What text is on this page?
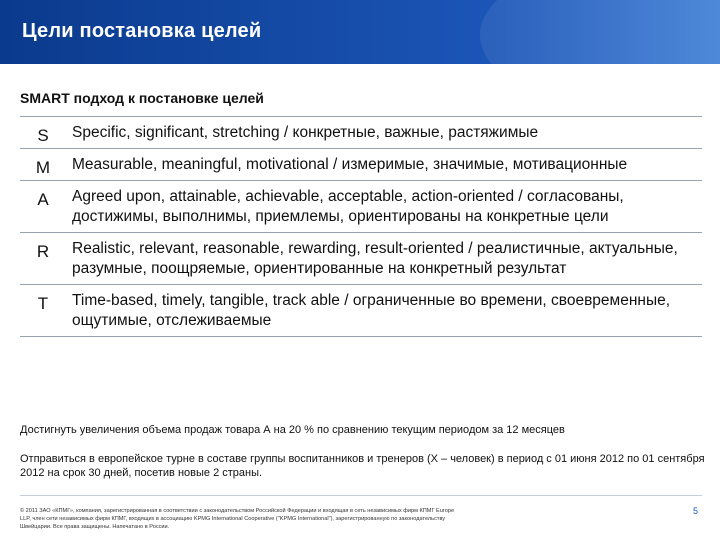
Цели постановка целей
SMART подход к постановке целей
S	Specific, significant, stretching / конкретные, важные, растяжимые
M	Measurable, meaningful, motivational / измеримые, значимые, мотивационные
A	Agreed upon, attainable, achievable, acceptable, action-oriented / согласованы, достижимы, выполнимы, приемлемы, ориентированы на конкретные цели
R	Realistic, relevant, reasonable, rewarding, result-oriented / реалистичные, актуальные, разумные, поощряемые, ориентированные на конкретный результат
T	Time-based, timely, tangible, track able / ограниченные во времени, своевременные, ощутимые, отслеживаемые
Достигнуть увеличения объема продаж товара А на 20 % по сравнению текущим периодом за 12 месяцев
Отправиться в европейское турне в составе группы воспитанников и тренеров (Х – человек) в период с 01 июня 2012 по 01 сентября 2012 на срок 30 дней, посетив новые 2 страны.
© 2011 ЗАО «КПМГ», компания, зарегистрированная в соответствии с законодательством Российской Федерации и входящая в сеть независимых фирм КПМГ Europe LLP, член сети независимых фирм КПМГ, входящих в ассоциацию KPMG International Cooperative ("KPMG International"), зарегистрированную по законодательству Швейцарии. Все права защищены. Напечатано в России.
5
